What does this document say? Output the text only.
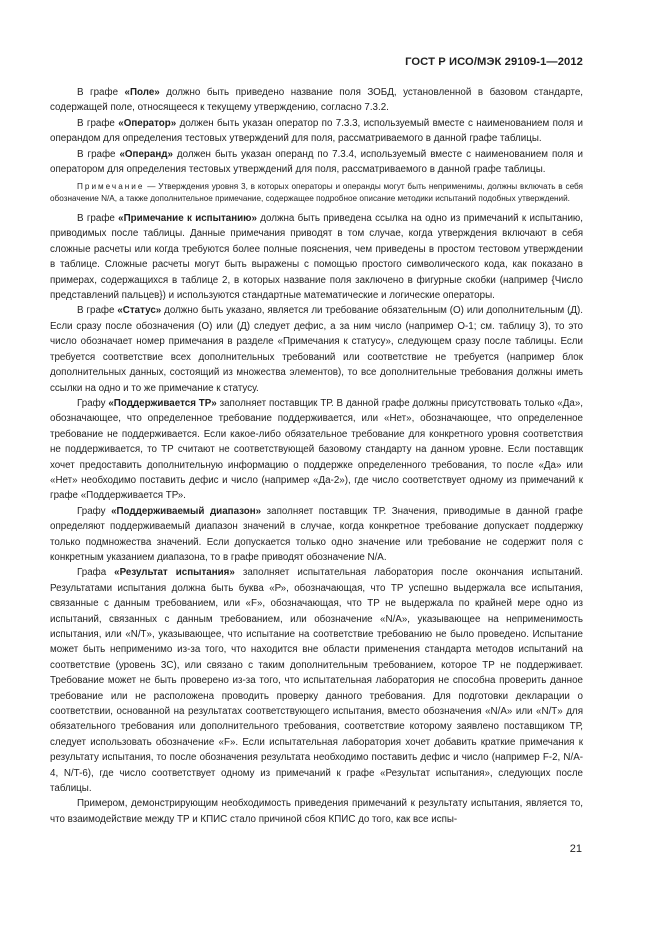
ГОСТ Р ИСО/МЭК 29109-1—2012

В графе «Поле» должно быть приведено название поля ЗОБД, установленной в базовом стандарте, содержащей поле, относящееся к текущему утверждению, согласно 7.3.2.

В графе «Оператор» должен быть указан оператор по 7.3.3, используемый вместе с наименованием поля и операндом для определения тестовых утверждений для поля, рассматриваемого в данной графе таблицы.

В графе «Операнд» должен быть указан операнд по 7.3.4, используемый вместе с наименованием поля и оператором для определения тестовых утверждений для поля, рассматриваемого в данной графе таблицы.

Примечание — Утверждения уровня 3, в которых операторы и операнды могут быть неприменимы, должны включать в себя обозначение N/A, а также дополнительное примечание, содержащее подробное описание методики испытаний подобных утверждений.

В графе «Примечание к испытанию» должна быть приведена ссылка на одно из примечаний к испытанию, приводимых после таблицы. Данные примечания приводят в том случае, когда утверждения включают в себя сложные расчеты или когда требуются более полные пояснения, чем приведены в простом тестовом утверждении в таблице. Сложные расчеты могут быть выражены с помощью простого символического кода, как показано в примерах, содержащихся в таблице 2, в которых название поля заключено в фигурные скобки (например {Число представлений пальцев}) и используются стандартные математические и логические операторы.

В графе «Статус» должно быть указано, является ли требование обязательным (О) или дополнительным (Д). Если сразу после обозначения (О) или (Д) следует дефис, а за ним число (например О-1; см. таблицу 3), то это число обозначает номер примечания в разделе «Примечания к статусу», следующем сразу после таблицы. Если требуется соответствие всех дополнительных требований или соответствие не требуется (например блок дополнительных данных, состоящий из множества элементов), то все дополнительные требования должны иметь ссылки на одно и то же примечание к статусу.

Графу «Поддерживается ТР» заполняет поставщик ТР. В данной графе должны присутствовать только «Да», обозначающее, что определенное требование поддерживается, или «Нет», обозначающее, что определенное требование не поддерживается. Если какое-либо обязательное требование для конкретного уровня соответствия не поддерживается, то ТР считают не соответствующей базовому стандарту на данном уровне. Если поставщик хочет предоставить дополнительную информацию о поддержке определенного требования, то после «Да» или «Нет» необходимо поставить дефис и число (например «Да-2»), где число соответствует одному из примечаний к графе «Поддерживается ТР».

Графу «Поддерживаемый диапазон» заполняет поставщик ТР. Значения, приводимые в данной графе определяют поддерживаемый диапазон значений в случае, когда конкретное требование допускает поддержку только подмножества значений. Если допускается только одно значение или требование не содержит поля с конкретным указанием диапазона, то в графе приводят обозначение N/A.

Графа «Результат испытания» заполняет испытательная лаборатория после окончания испытаний. Результатами испытания должна быть буква «Р», обозначающая, что ТР успешно выдержала все испытания, связанные с данным требованием, или «F», обозначающая, что ТР не выдержала по крайней мере одно из испытаний, связанных с данным требованием, или обозначение «N/A», указывающее на неприменимость испытания, или «N/T», указывающее, что испытание на соответствие требованию не было проведено. Испытание может быть неприменимо из-за того, что находится вне области применения стандарта методов испытаний на соответствие (уровень 3С), или связано с таким дополнительным требованием, которое ТР не поддерживает. Требование может не быть проверено из-за того, что испытательная лаборатория не способна проверить данное требование или не расположена проводить проверку данного требования. Для подготовки декларации о соответствии, основанной на результатах соответствующего испытания, вместо обозначения «N/A» или «N/T» для обязательного требования или дополнительного требования, соответствие которому заявлено поставщиком ТР, следует использовать обозначение «F». Если испытательная лаборатория хочет добавить краткие примечания к результату испытания, то после обозначения результата необходимо поставить дефис и число (например F-2, N/A-4, N/T-6), где число соответствует одному из примечаний к графе «Результат испытания», следующих после таблицы.

Примером, демонстрирующим необходимость приведения примечаний к результату испытания, является то, что взаимодействие между ТР и КПИС стало причиной сбоя КПИС до того, как все испы-

21
